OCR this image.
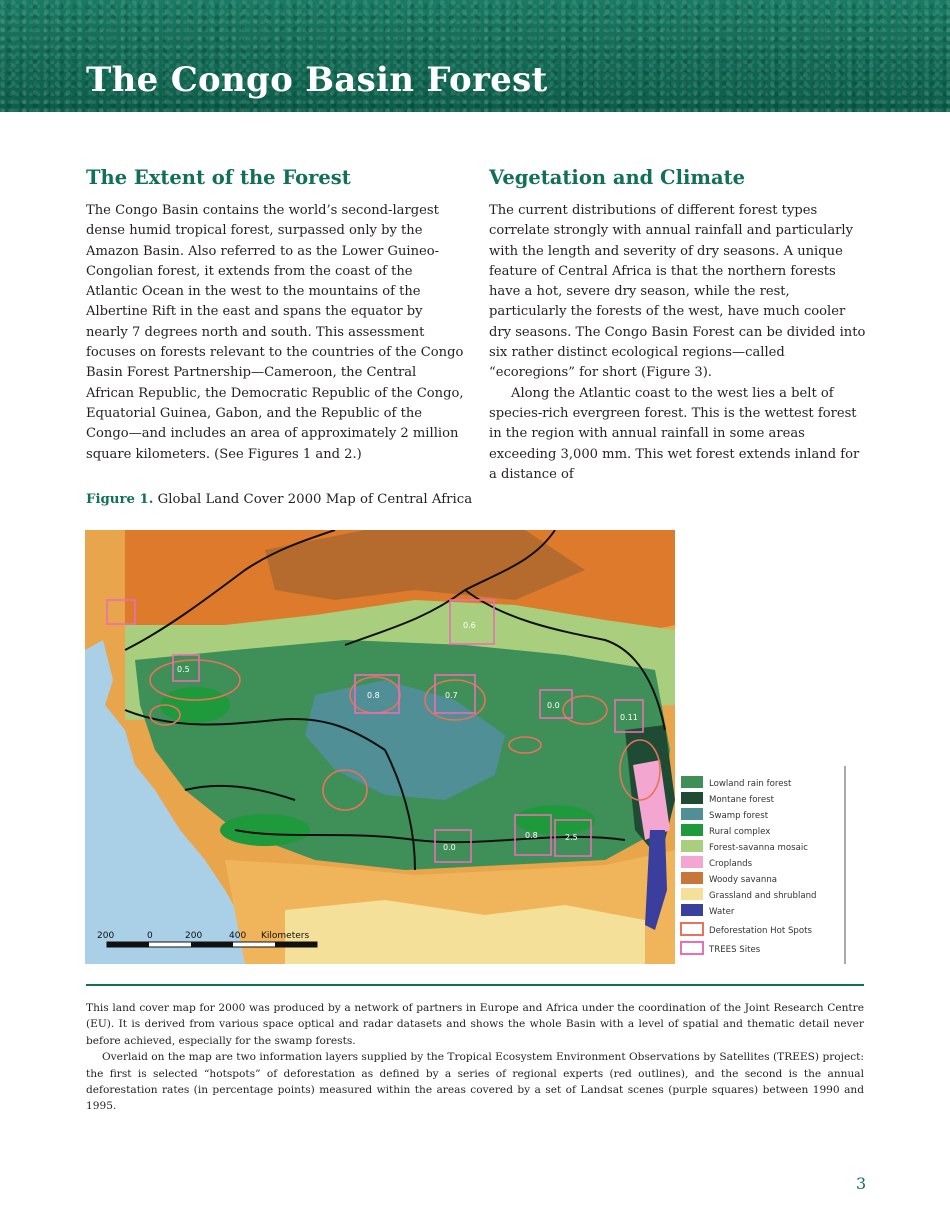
The Congo Basin Forest
The Extent of the Forest

The Congo Basin contains the world’s second-largest dense humid tropical forest, surpassed only by the Amazon Basin. Also referred to as the Lower Guineo-Congolian forest, it extends from the coast of the Atlantic Ocean in the west to the mountains of the Albertine Rift in the east and spans the equator by nearly 7 degrees north and south. This assessment focuses on forests relevant to the countries of the Congo Basin Forest Partnership—Cameroon, the Central African Republic, the Democratic Republic of the Congo, Equatorial Guinea, Gabon, and the Republic of the Congo—and includes an area of approximately 2 million square kilometers. (See Figures 1 and 2.)

Vegetation and Climate

The current distributions of different forest types correlate strongly with annual rainfall and particularly with the length and severity of dry seasons. A unique feature of Central Africa is that the northern forests have a hot, severe dry season, while the rest, particularly the forests of the west, have much cooler dry seasons. The Congo Basin Forest can be divided into six rather distinct ecological regions—called “ecoregions” for short (Figure 3).

Along the Atlantic coast to the west lies a belt of species-rich evergreen forest. This is the wettest forest in the region with annual rainfall in some areas exceeding 3,000 mm. This wet forest extends inland for a distance of

Figure 1. Global Land Cover 2000 Map of Central Africa
0.6
0.8	0.7
0.5
0.0
0.11
0.0
0.8	2.5
200	0	200	400 Kilometers
Lowland rain forest
Montane forest
Swamp forest
Rural complex
Forest-savanna mosaic
Croplands
Woody savanna
Grassland and shrubland
Water
Deforestation Hot Spots
TREES Sites

This land cover map for 2000 was produced by a network of partners in Europe and Africa under the coordination of the Joint Research Centre (EU). It is derived from various space optical and radar datasets and shows the whole Basin with a level of spatial and thematic detail never before achieved, especially for the swamp forests.

Overlaid on the map are two information layers supplied by the Tropical Ecosystem Environment Observations by Satellites (TREES) project: the first is selected “hotspots” of deforestation as defined by a series of regional experts (red outlines), and the second is the annual deforestation rates (in percentage points) measured within the areas covered by a set of Landsat scenes (purple squares) between 1990 and 1995.

3
